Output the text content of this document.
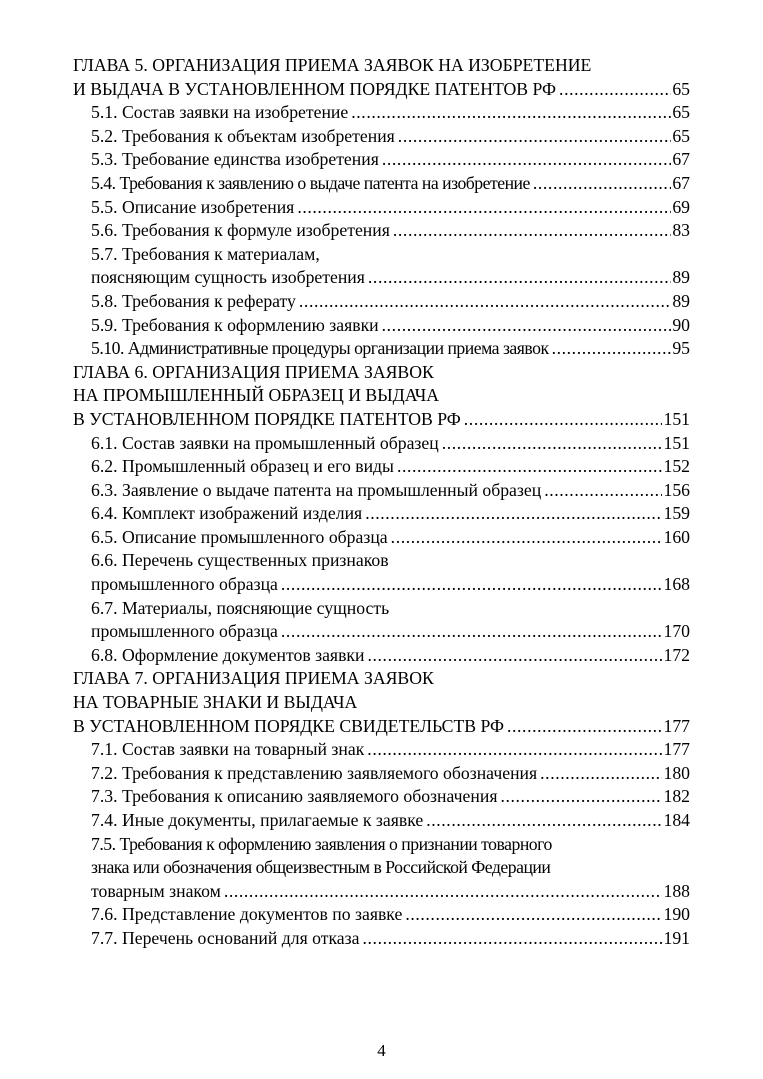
ГЛАВА 5. ОРГАНИЗАЦИЯ ПРИЕМА ЗАЯВОК НА ИЗОБРЕТЕНИЕ
И ВЫДАЧА В УСТАНОВЛЕННОМ ПОРЯДКЕ ПАТЕНТОВ РФ .....	65
5.1. Состав заявки на изобретение .....	65
5.2. Требования к объектам изобретения .....	65
5.3. Требование единства изобретения .....	67
5.4. Требования к заявлению о выдаче патента на изобретение .....	67
5.5. Описание изобретения .....	69
5.6. Требования к формуле изобретения .....	83
5.7. Требования к материалам,
поясняющим сущность изобретения .....	89
5.8. Требования к реферату .....	89
5.9. Требования к оформлению заявки .....	90
5.10. Административные процедуры организации приема заявок .....	95
ГЛАВА 6. ОРГАНИЗАЦИЯ ПРИЕМА ЗАЯВОК
НА ПРОМЫШЛЕННЫЙ ОБРАЗЕЦ И ВЫДАЧА
В УСТАНОВЛЕННОМ ПОРЯДКЕ ПАТЕНТОВ РФ .....	151
6.1. Состав заявки на промышленный образец .....	151
6.2. Промышленный образец и его виды .....	152
6.3. Заявление о выдаче патента на промышленный образец .....	156
6.4. Комплект изображений изделия .....	159
6.5. Описание промышленного образца .....	160
6.6. Перечень существенных признаков
промышленного образца .....	168
6.7. Материалы, поясняющие сущность
промышленного образца .....	170
6.8. Оформление документов заявки .....	172
ГЛАВА 7. ОРГАНИЗАЦИЯ ПРИЕМА ЗАЯВОК
НА ТОВАРНЫЕ ЗНАКИ И ВЫДАЧА
В УСТАНОВЛЕННОМ ПОРЯДКЕ СВИДЕТЕЛЬСТВ РФ .....	177
7.1. Состав заявки на товарный знак .....	177
7.2. Требования к представлению заявляемого обозначения .....	180
7.3. Требования к описанию заявляемого обозначения .....	182
7.4. Иные документы, прилагаемые к заявке .....	184
7.5. Требования к оформлению заявления о признании товарного
знака или обозначения общеизвестным в Российской Федерации
товарным знаком .....	188
7.6. Представление документов по заявке .....	190
7.7. Перечень оснований для отказа .....	191
4
